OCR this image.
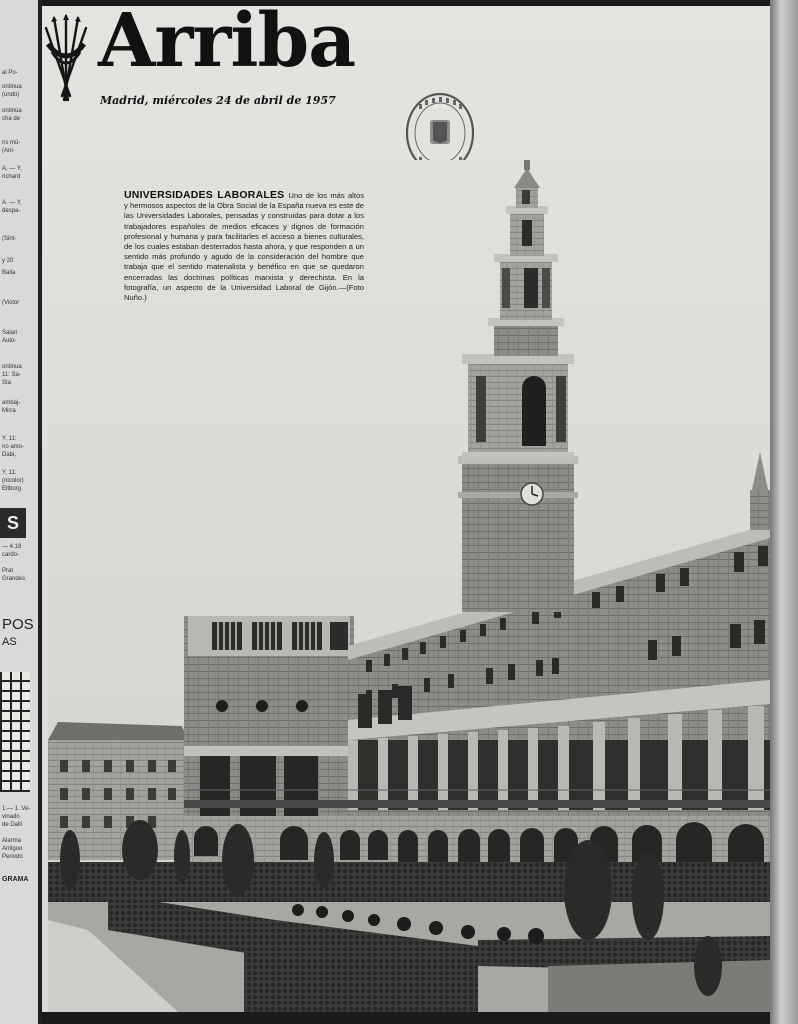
al Po-
ontinua
(undo)
ontinúa
cha de
ns mú-
(Ani-
A, — Y,
richard
A. — Y,
despa-
(Sint-
y 20
Baila
(Victor
Salari
Auto-
ontinua
11: Sa-
Sta
ambaj-
Mirra
Y, 11:
no amo-
Dabi,
Y, 11:
(nicolor)
Eltborg
S
— 4.18
cardo-
Prat
Grandes
POS
AS
1.— 1. Ve-
vinado
de Dalli
Alarma
Antiguo
Periodo
GRAMA
Arriba
Madrid, miércoles 24 de abril de 1957
UNIVERSIDADES LABORALES Uno de los más altos y hermosos aspectos de la Obra Social de la España nueva es este de las Universidades Laborales, pensadas y construidas para dotar a los trabajadores españoles de medios eficaces y dignos de formación profesional y humana y para facilitarles el acceso a bienes culturales, de los cuales estaban desterrados hasta ahora, y que responden a un sentido más profundo y agudo de la consideración del hombre que trabaja que el sentido materialista y benéfico en que se quedaron encerradas las doctrinas políticas marxista y derechista. En la fotografía, un aspecto de la Universidad Laboral de Gijón.—(Foto Nuño.)
